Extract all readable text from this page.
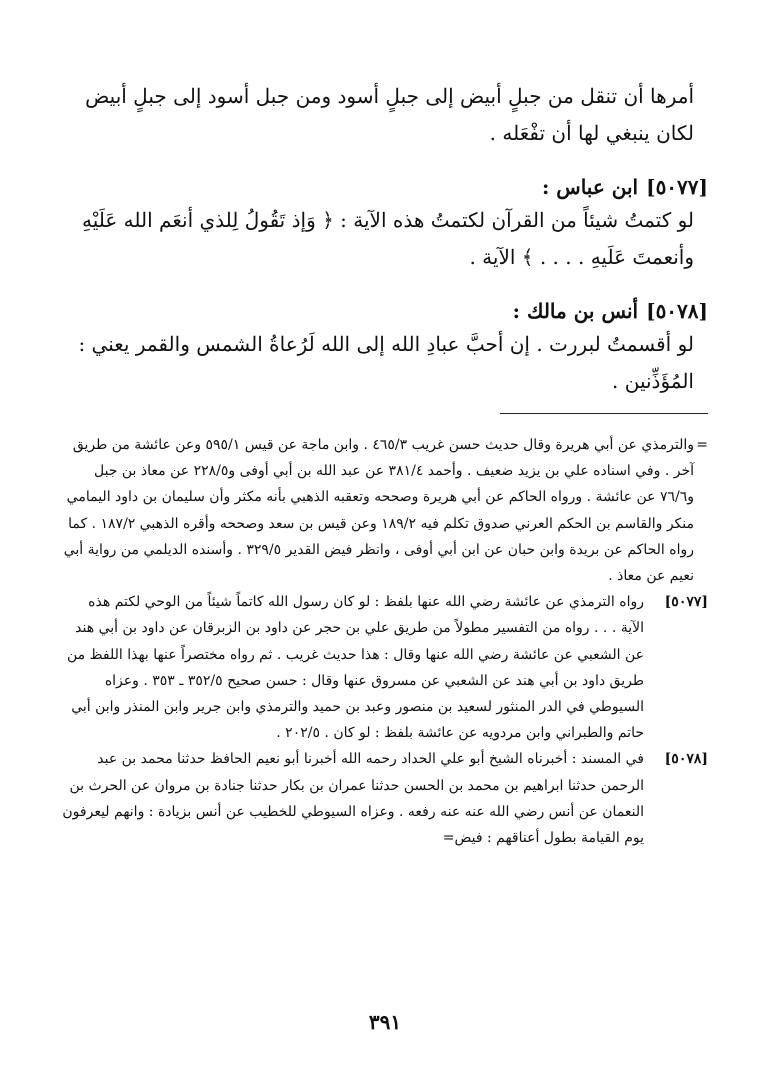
أمرها أن تنقل من جبلٍ أبيض إلى جبلٍ أسود ومن جبل أسود إلى جبلٍ أبيض لكان ينبغي لها أن تفْعَله .
[٥٠٧٧]ابن عباس :
لو كتمتُ شيئاً من القرآن لكتمتُ هذه الآية : ﴿ وَإذ تَقُولُ لِلذي أنعَم الله عَلَيْهِ وأنعمتَ عَلَيهِ . . . . ﴾ الآية .
[٥٠٧٨]أنس بن مالك :
لو أقسمتُ لبررت . إن أحبَّ عبادِ الله إلى الله لَرُعاةُ الشمس والقمر يعني : المُؤَذِّنين .
=
والترمذي عن أبي هريرة وقال حديث حسن غريب ٤٦٥/٣ . وابن ماجة عن قيس ٥٩٥/١ وعن عائشة من طريق آخر . وفي اسناده علي بن يزيد ضعيف . وأحمد ٣٨١/٤ عن عبد الله بن أبي أوفى و٢٢٨/٥ عن معاذ بن جبل و٧٦/٦ عن عائشة . ورواه الحاكم عن أبي هريرة وصححه وتعقبه الذهبي بأنه مكثر وأن سليمان بن داود اليمامي منكر والقاسم بن الحكم العرني صدوق تكلم فيه ١٨٩/٢ وعن قيس بن سعد وصححه وأقره الذهبي ١٨٧/٢ . كما رواه الحاكم عن بريدة وابن حبان عن ابن أبي أوفى ، وانظر فيض القدير ٣٢٩/٥ . وأسنده الديلمي من رواية أبي نعيم عن معاذ .
[٥٠٧٧]
رواه الترمذي عن عائشة رضي الله عنها بلفظ : لو كان رسول الله كاتماً شيئاً من الوحي لكتم هذه الآية . . . رواه من التفسير مطولاً من طريق علي بن حجر عن داود بن الزبرقان عن داود بن أبي هند عن الشعبي عن عائشة رضي الله عنها وقال : هذا حديث غريب . ثم رواه مختصراً عنها بهذا اللفظ من طريق داود بن أبي هند عن الشعبي عن مسروق عنها وقال : حسن صحيح ٣٥٢/٥ ـ ٣٥٣ . وعزاه السيوطي في الدر المنثور لسعيد بن منصور وعبد بن حميد والترمذي وابن جرير وابن المنذر وابن أبي حاتم والطبراني وابن مردويه عن عائشة بلفظ : لو كان . ٢٠٢/٥ .
[٥٠٧٨]
في المسند : أخبرناه الشيخ أبو علي الحداد رحمه الله أخبرنا أبو نعيم الحافظ حدثنا محمد بن عبد الرحمن حدثنا ابراهيم بن محمد بن الحسن حدثنا عمران بن بكار حدثنا جنادة بن مروان عن الحرث بن النعمان عن أنس رضي الله عنه عنه رفعه . وعزاه السيوطي للخطيب عن أنس بزيادة : وانهم ليعرفون يوم القيامة بطول أعناقهم : فيض=
٣٩١
